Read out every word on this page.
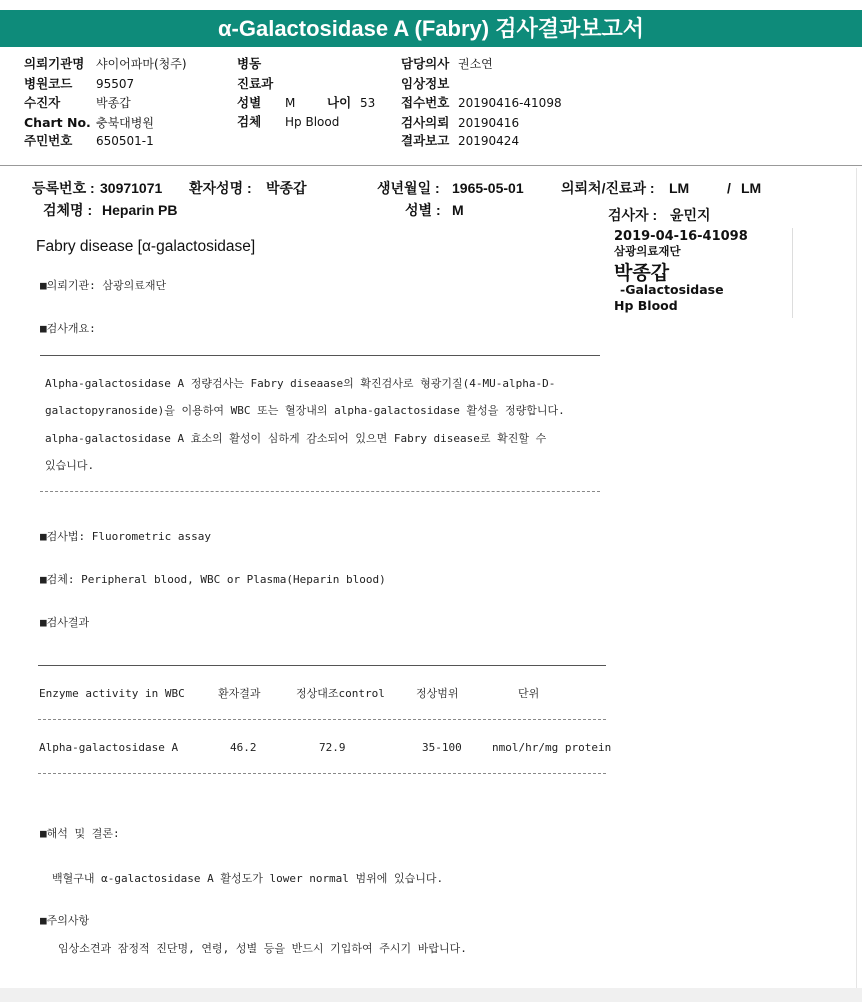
α-Galactosidase A (Fabry) 검사결과보고서
의뢰기관명 샤이어파마(청주)
병원코드 95507
수진자	박종갑
Chart No. 충북대병원
주민번호 650501-1
병동
진료과
성별 M	나이 53
검체 Hp Blood
담당의사 권소연
임상정보
접수번호 20190416-41098
검사의뢰 20190416
결과보고 20190424
등록번호 : 30971071 환자성명 : 박종갑	생년월일 : 1965-05-01	의뢰처/진료과 : LM	/ LM
검체명 : Heparin PB	성별 : M	검사자 : 윤민지
2019-04-16-41098
삼광의료재단
박종갑
-Galactosidase
Hp Blood
Fabry disease [α-galactosidase]
■의뢰기관: 삼광의료재단
■검사개요:
Alpha-galactosidase A 정량검사는 Fabry diseaase의 확진검사로 형광기질(4-MU-alpha-D-
galactopyranoside)을 이용하여 WBC 또는 혈장내의 alpha-galactosidase 활성을 정량합니다.
alpha-galactosidase A 효소의 활성이 심하게 감소되어 있으면 Fabry disease로 확진할 수
있습니다.
■검사법: Fluorometric assay
■검체: Peripheral blood, WBC or Plasma(Heparin blood)
■검사결과
Enzyme activity in WBC	환자결과	정상대조control	정상범위	단위
Alpha-galactosidase A	46.2	72.9	35-100	nmol/hr/mg protein
■해석 및 결론:
백혈구내 α-galactosidase A 활성도가 lower normal 범위에 있습니다.
■주의사항
임상소견과 잠정적 진단명, 연령, 성별 등을 반드시 기입하여 주시기 바랍니다.
